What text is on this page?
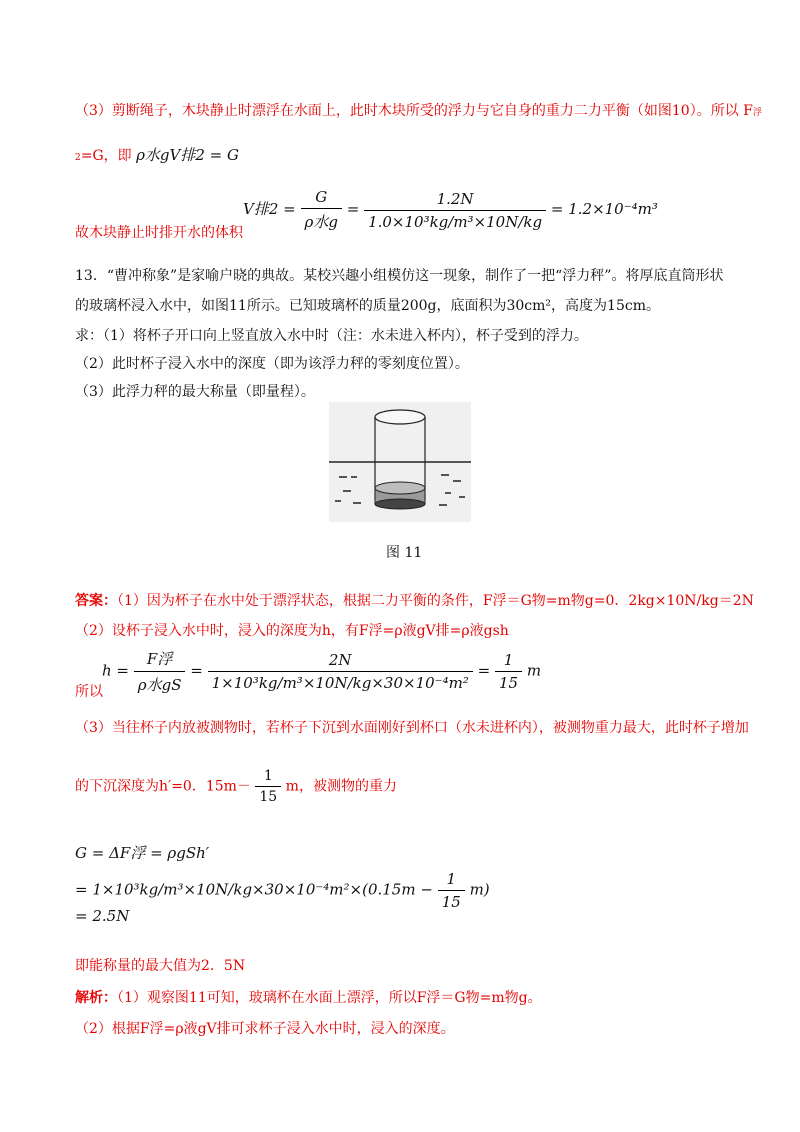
（3）剪断绳子，木块静止时漂浮在水面上，此时木块所受的浮力与它自身的重力二力平衡（如图10）。所以 F浮
2=G，即 ρ水gV排2 = G
V排$2 = \frac{G}{\text{ρ水g}} = \frac{1.2N}{\text{1.0×10³kg/m³×10N/kg}} = 1.2\times 10^{-4}m^3$
故木块静止时排开水的体积
13．“曹冲称象”是家喻户晓的典故。某校兴趣小组模仿这一现象，制作了一把“浮力秤”。将厚底直筒形状
的玻璃杯浸入水中，如图11所示。已知玻璃杯的质量200g，底面积为30cm²，高度为15cm。
求：（1）将杯子开口向上竖直放入水中时（注：水未进入杯内），杯子受到的浮力。
（2）此时杯子浸入水中的深度（即为该浮力秤的零刻度位置）。
（3）此浮力秤的最大称量（即量程）。
图 11
答案：（1）因为杯子在水中处于漂浮状态，根据二力平衡的条件，F浮＝G物=m物g=0．2kg×10N/kg＝2N
（2）设杯子浸入水中时，浸入的深度为h，有F浮=ρ液gV排=ρ液gsh
$h = \frac{\text{F浮}}{\text{ρ水gS}} = \frac{2N}{\text{1×10³kg/m³×10N/kg×30×10⁻⁴m²}} = \frac{1}{15}$ m
所以
（3）当往杯子内放被测物时，若杯子下沉到水面刚好到杯口（水未进杯内），被测物重力最大，此时杯子增加
的下沉深度为h′=0．$15m- \frac{1}{15}$ m，被测物的重力
G = ΔF浮 = ρgSh′
= $1\times 10^3kg/m^3\times 10N/kg\times 30\times 10^{-4}m^2\times(0.15m - \frac{1}{15} m)$
= 2.5N
即能称量的最大值为2．5N
解析：（1）观察图11可知，玻璃杯在水面上漂浮，所以F浮＝G物=m物g。
（2）根据F浮=ρ液gV排可求杯子浸入水中时，浸入的深度。
